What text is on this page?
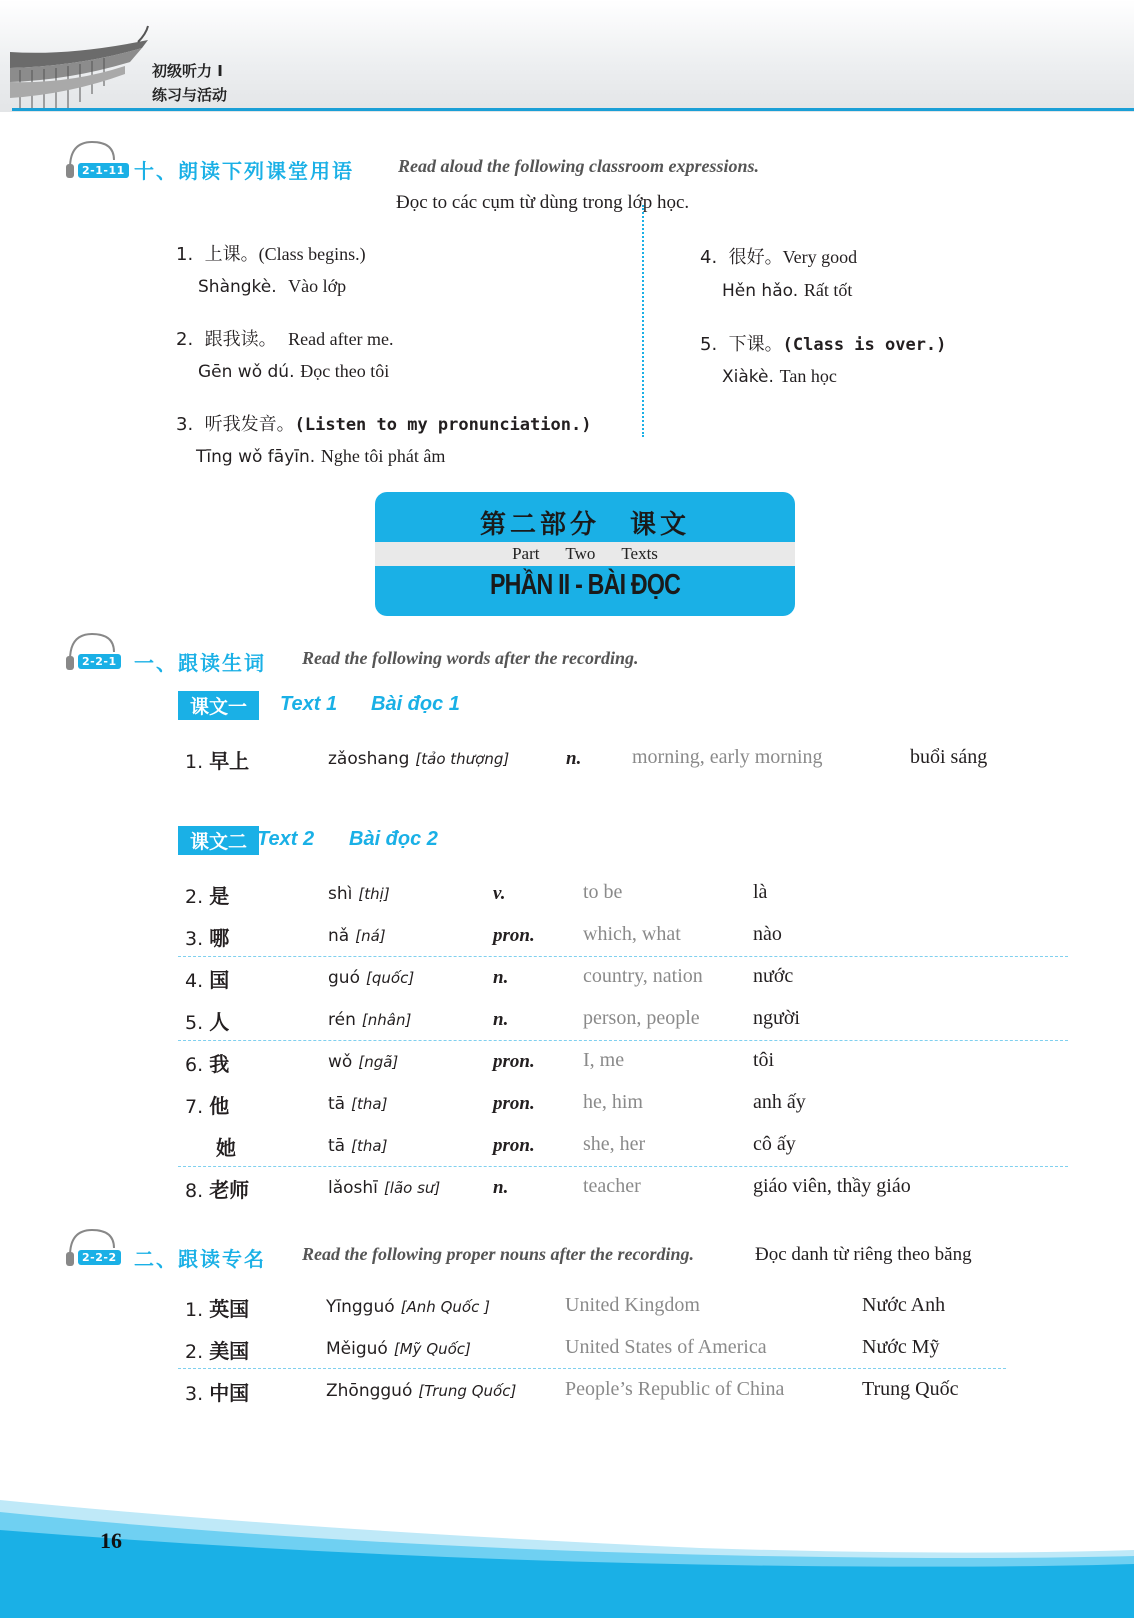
初级听力 I
练习与活动
2-1-11 十、朗读下列课堂用语 Read aloud the following classroom expressions.
Đọc to các cụm từ dùng trong lớp học.
1. 上课。(Class begins.)
Shàngkè. Vào lớp
2. 跟我读。 Read after me.
Gēn wǒ dú. Đọc theo tôi
3. 听我发音。(Listen to my pronunciation.)
Tīng wǒ fāyīn. Nghe tôi phát âm
4. 很好。Very good
Hěn hǎo. Rất tốt
5. 下课。(Class is over.)
Xiàkè. Tan học
第二部分　课文
Part Two Texts
PHẦN II - BÀI ĐỌC
2-2-1 一、跟读生词 Read the following words after the recording.
课文一	Text 1 Bài đọc 1
1. 早上	zǎoshang [tảo thượng]	n.	morning, early morning	buổi sáng
课文二 Text 2 Bài đọc 2
2. 是	shì [thị]	v.	to be	là
3. 哪	nǎ [ná]	pron. which, what	nào
4. 国	guó [quốc]	n.	country, nation	nước
5. 人	rén [nhân]	n.	person, people	người
6. 我	wǒ [ngã]	pron. I, me	tôi
7. 他	tā [tha]	pron. he, him	anh ấy
她	tā [tha]	pron. she, her	cô ấy
8. 老师	lǎoshī [lão sư]	n.	teacher	giáo viên, thầy giáo
2-2-2 二、跟读专名 Read the following proper nouns after the recording.	Đọc danh từ riêng theo băng
1. 英国	Yīngguó [Anh Quốc ]	United Kingdom	Nước Anh
2. 美国	Měiguó [Mỹ Quốc]	United States of America	Nước Mỹ
3. 中国	Zhōngguó [Trung Quốc] People’s Republic of China	Trung Quốc
16
